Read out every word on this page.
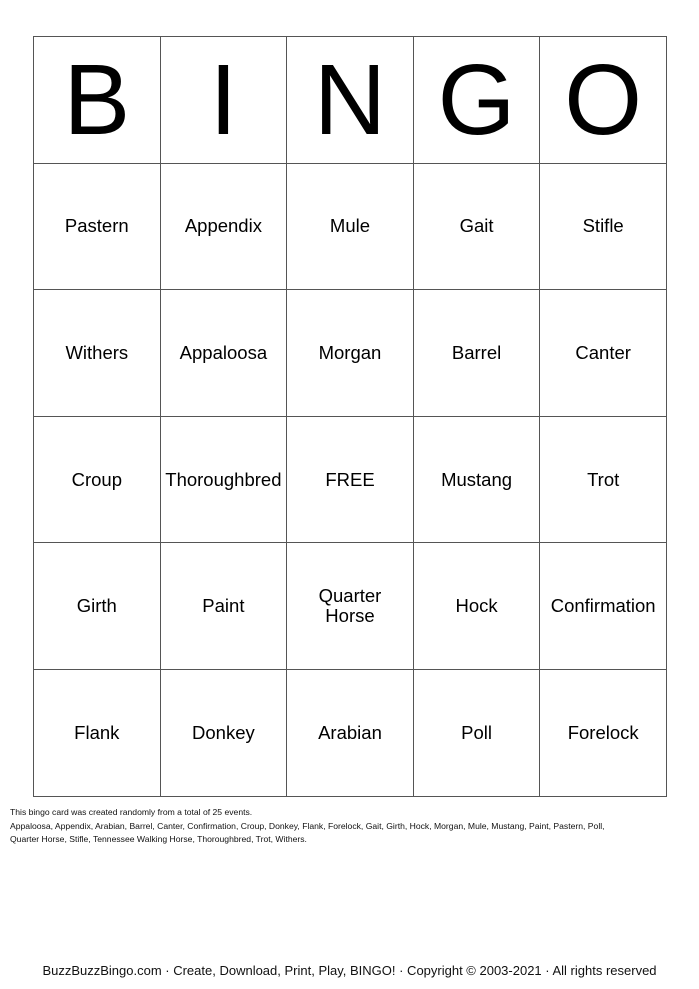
B	I	N	G	O
Pastern	Appendix	Mule	Gait	Stifle
Withers	Appaloosa	Morgan	Barrel	Canter
Croup	Thoroughbred	FREE	Mustang	Trot
Girth	Paint	Quarter Horse	Hock	Confirmation
Flank	Donkey	Arabian	Poll	Forelock
This bingo card was created randomly from a total of 25 events.
Appaloosa, Appendix, Arabian, Barrel, Canter, Confirmation, Croup, Donkey, Flank, Forelock, Gait, Girth, Hock, Morgan, Mule, Mustang, Paint, Pastern, Poll,
Quarter Horse, Stifle, Tennessee Walking Horse, Thoroughbred, Trot, Withers.
BuzzBuzzBingo.com · Create, Download, Print, Play, BINGO! · Copyright © 2003-2021 · All rights reserved
